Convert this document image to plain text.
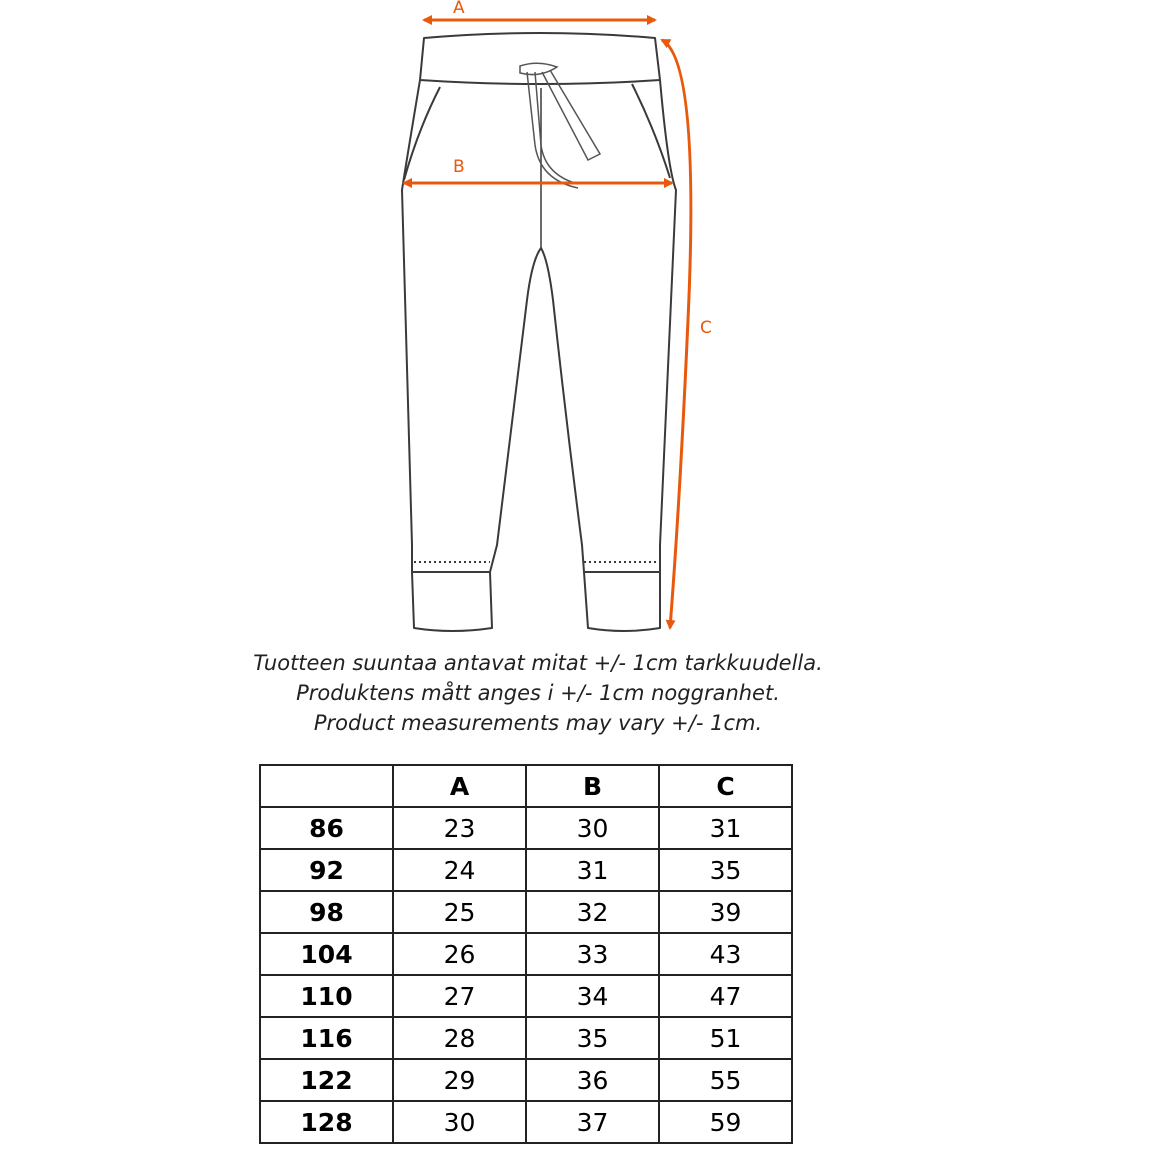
A
B
C
Tuotteen suuntaa antavat mitat +/- 1cm tarkkuudella.
Produktens mått anges i +/- 1cm noggranhet.
Product measurements may vary +/- 1cm.
	A	B	C
86	23	30	31
92	24	31	35
98	25	32	39
104	26	33	43
110	27	34	47
116	28	35	51
122	29	36	55
128	30	37	59
